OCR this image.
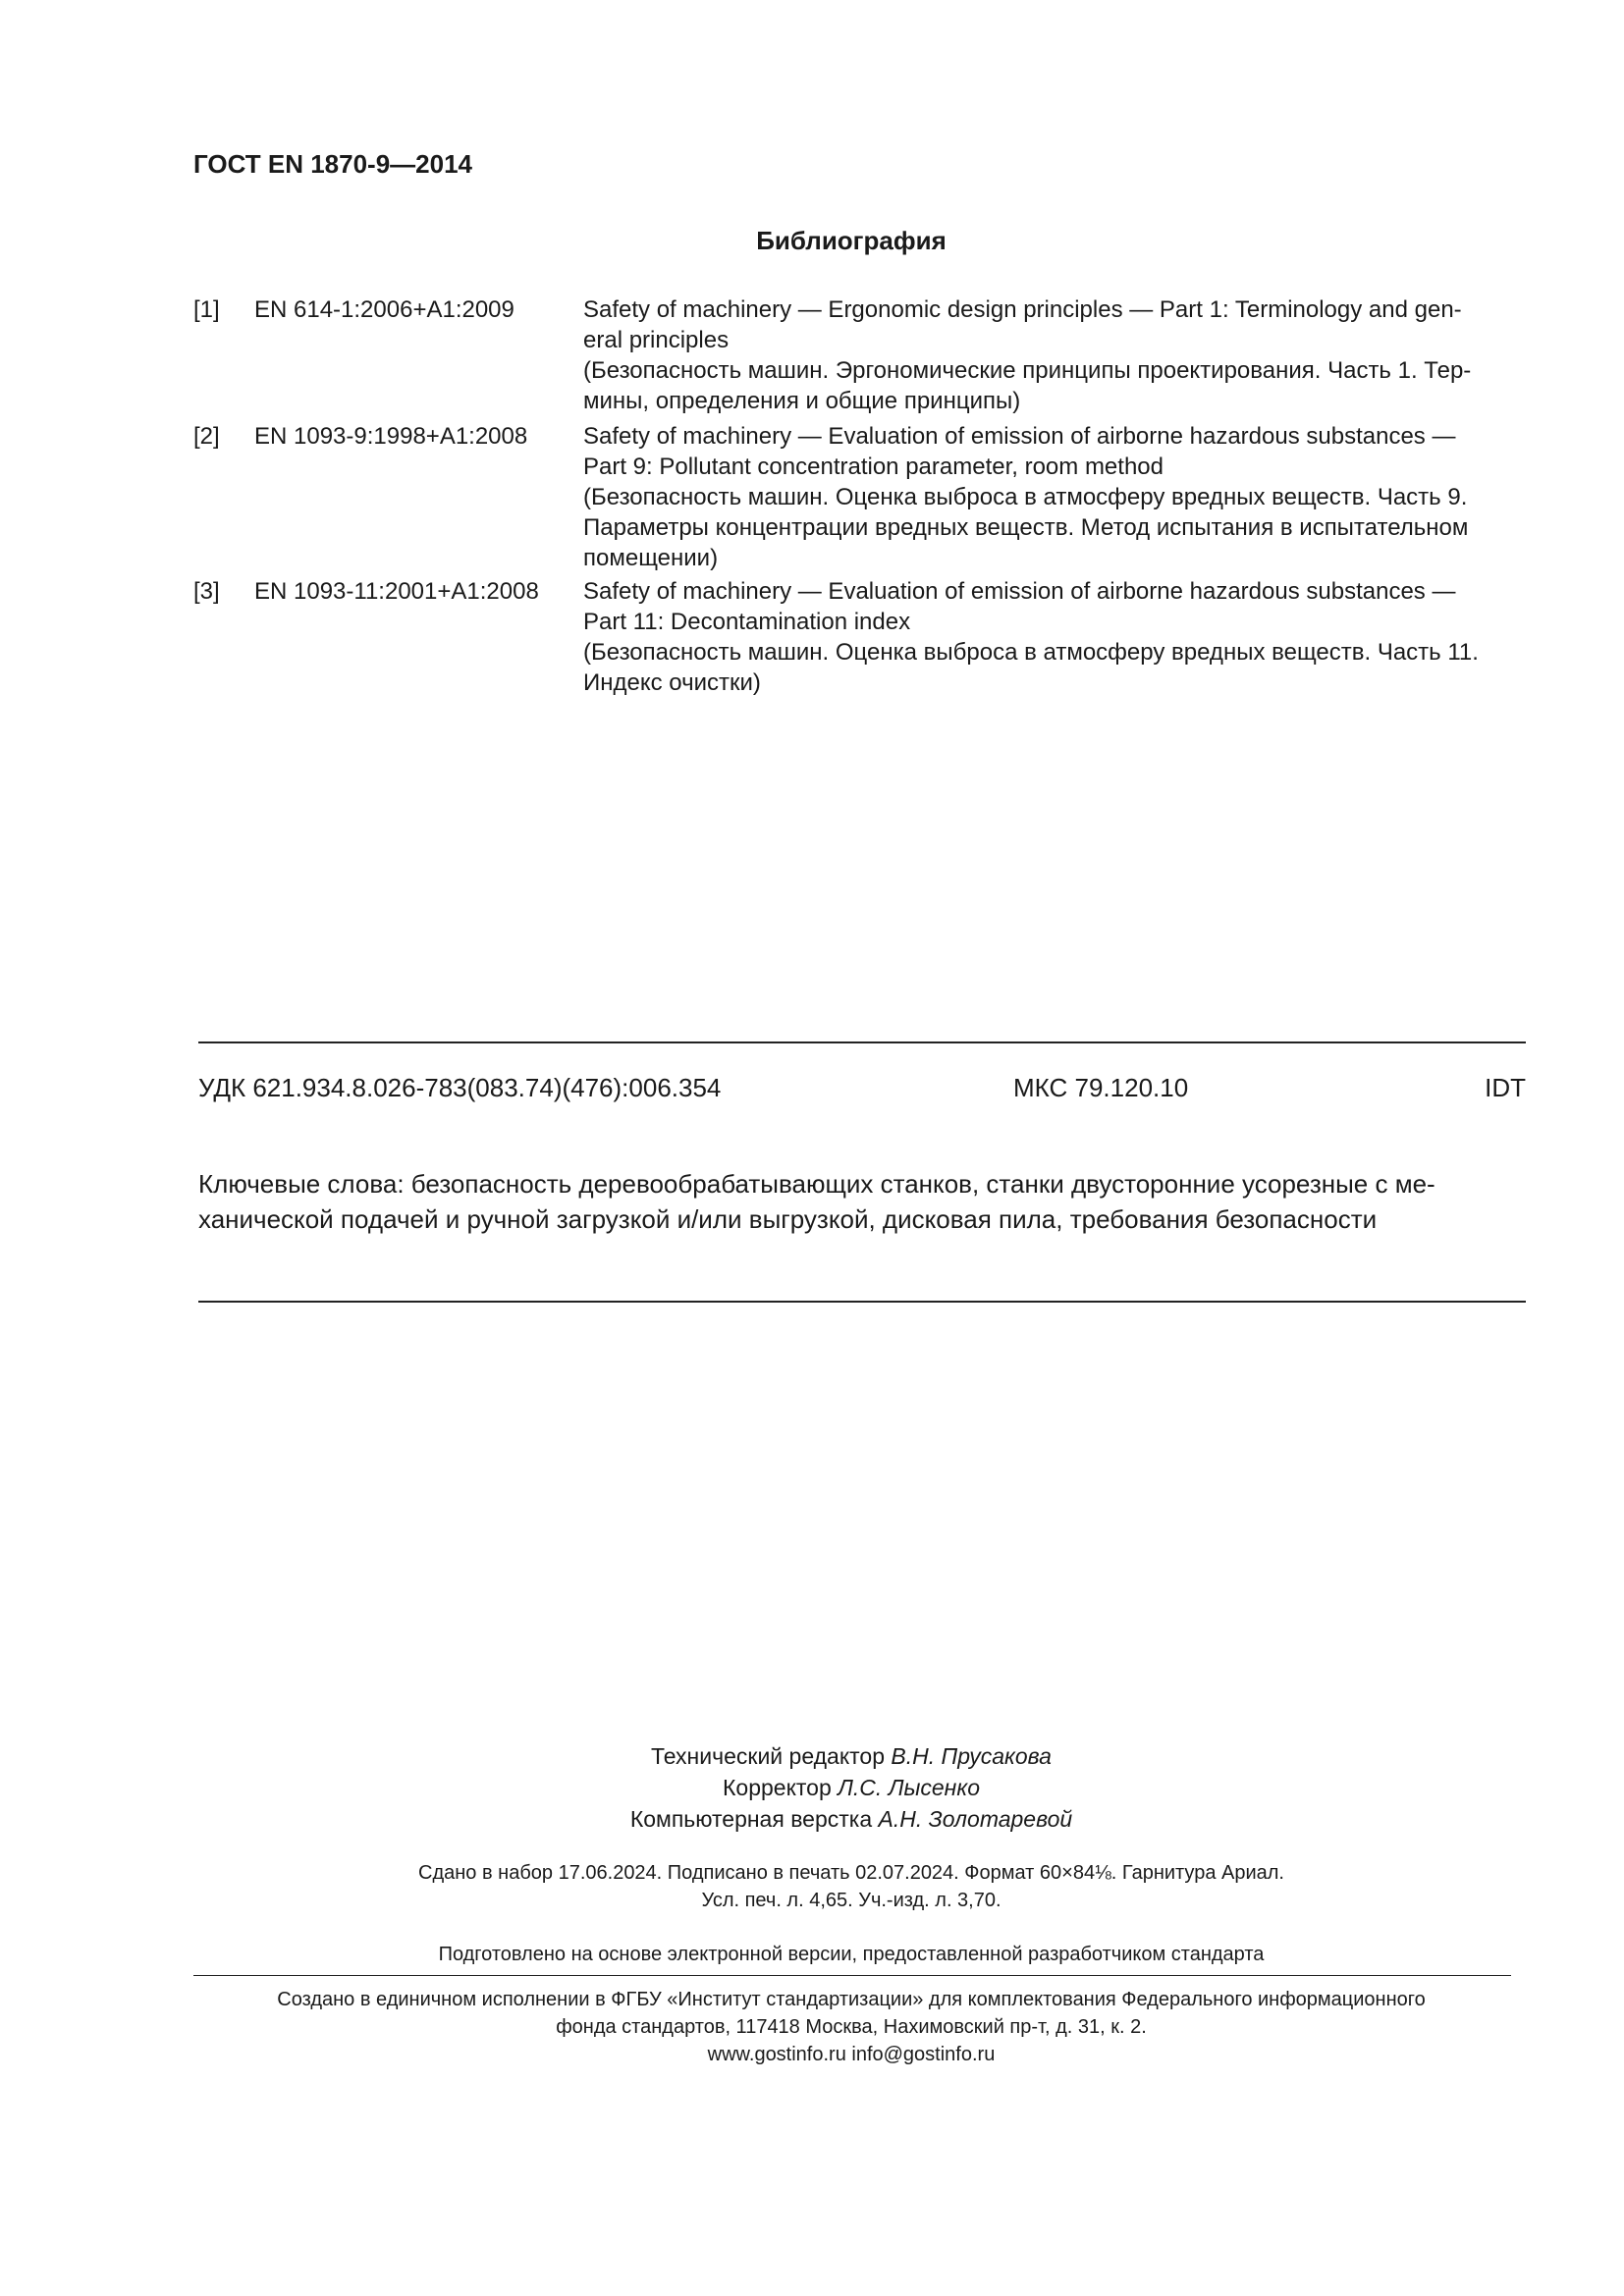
ГОСТ EN 1870-9—2014
Библиография
[1] EN 614-1:2006+A1:2009	Safety of machinery — Ergonomic design principles — Part 1: Terminology and gen-
eral principles
(Безопасность машин. Эргономические принципы проектирования. Часть 1. Тер-
мины, определения и общие принципы)
[2] EN 1093-9:1998+A1:2008 Safety of machinery — Evaluation of emission of airborne hazardous substances —
Part 9: Pollutant concentration parameter, room method
(Безопасность машин. Оценка выброса в атмосферу вредных веществ. Часть 9.
Параметры концентрации вредных веществ. Метод испытания в испытательном
помещении)
[3] EN 1093-11:2001+A1:2008 Safety of machinery — Evaluation of emission of airborne hazardous substances —
Part 11: Decontamination index
(Безопасность машин. Оценка выброса в атмосферу вредных веществ. Часть 11.
Индекс очистки)
УДК 621.934.8.026-783(083.74)(476):006.354	МКС 79.120.10	IDT
Ключевые слова: безопасность деревообрабатывающих станков, станки двусторонние усорезные с ме-
ханической подачей и ручной загрузкой и/или выгрузкой, дисковая пила, требования безопасности
Технический редактор В.Н. Прусакова
Корректор Л.С. Лысенко
Компьютерная верстка А.Н. Золотаревой
Сдано в набор 17.06.2024. Подписано в печать 02.07.2024. Формат 60×84⅛. Гарнитура Ариал.
Усл. печ. л. 4,65. Уч.-изд. л. 3,70.
Подготовлено на основе электронной версии, предоставленной разработчиком стандарта
Создано в единичном исполнении в ФГБУ «Институт стандартизации» для комплектования Федерального информационного
фонда стандартов, 117418 Москва, Нахимовский пр-т, д. 31, к. 2.
www.gostinfo.ru info@gostinfo.ru
